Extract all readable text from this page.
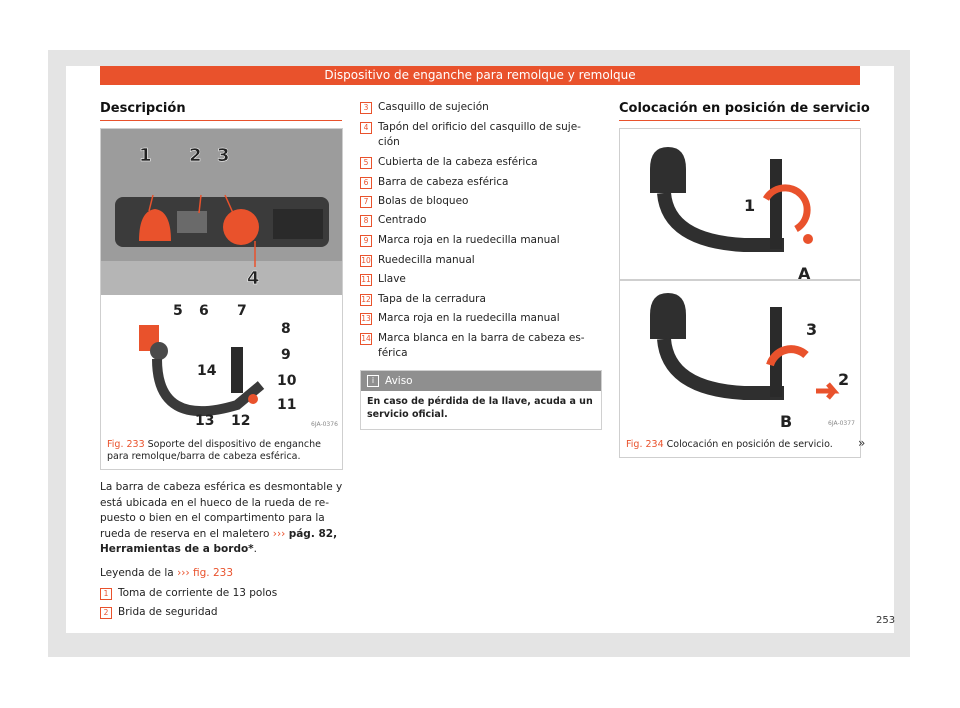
Dispositivo de enganche para remolque y remolque
Descripción
1 2 3
4
5 6 7
8
9
10
11
12
13
14
6JA-0376
Fig. 233 Soporte del dispositivo de enganche para remolque/barra de cabeza esférica.
La barra de cabeza esférica es desmontable y está ubicada en el hueco de la rueda de re-puesto o bien en el compartimento para la rueda de reserva en el maletero ››› pág. 82, Herramientas de a bordo*.
Leyenda de la ››› fig. 233
1 Toma de corriente de 13 polos
2 Brida de seguridad
3 Casquillo de sujeción
4 Tapón del orificio del casquillo de suje-ción
5 Cubierta de la cabeza esférica
6 Barra de cabeza esférica
7 Bolas de bloqueo
8 Centrado
9 Marca roja en la ruedecilla manual
10 Ruedecilla manual
11 Llave
12 Tapa de la cerradura
13 Marca roja en la ruedecilla manual
14 Marca blanca en la barra de cabeza es-férica
i	Aviso
En caso de pérdida de la llave, acuda a un servicio oficial.
Colocación en posición de servicio
1
A
3
2
B	6JA-0377
Fig. 234 Colocación en posición de servicio.	»
253
